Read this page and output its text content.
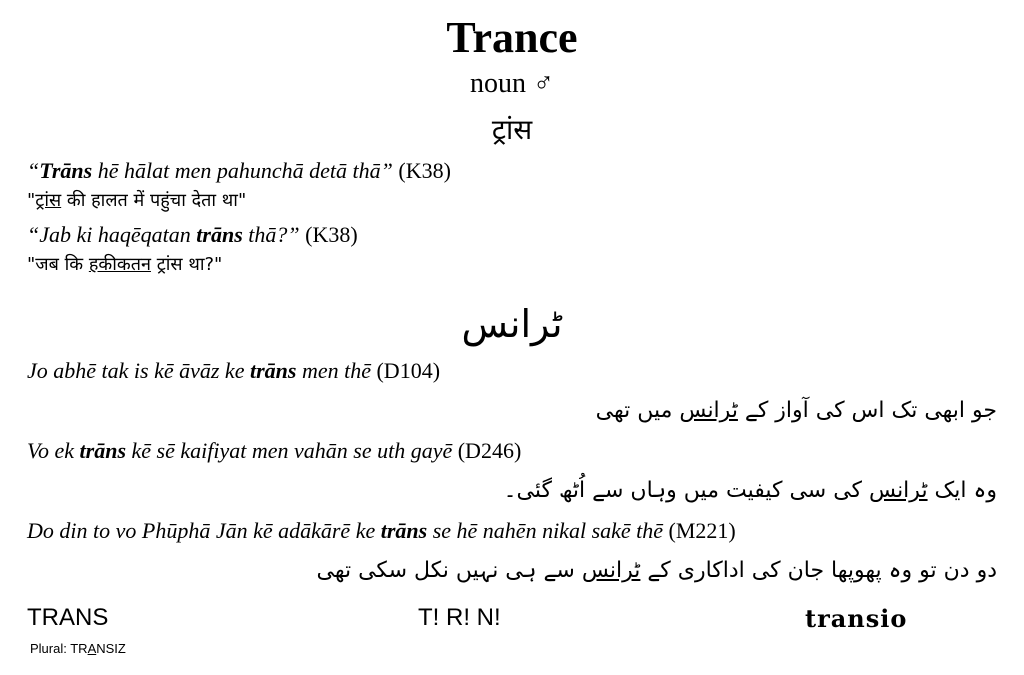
Trance
noun ♂
ट्रांस
“Trāns hē hālat men pahunchā detā thā” (K38)
"ट्रांस की हालत में पहुंचा देता था"
“Jab ki haqēqatan trāns thā?” (K38)
"जब कि हकीकतन ट्रांस था?"
ٹرانس
Jo abhē tak is kē āvāz ke trāns men thē (D104)
جو ابھی تک اس کی آواز کے ٹرانس میں تھی
Vo ek trāns kē sē kaifiyat men vahān se uth gayē (D246)
وہ ایک ٹرانس کی سی کیفیت میں وہاں سے اُٹھ گئی۔
Do din to vo Phūphā Jān kē adākārē ke trāns se hē nahēn nikal sakē thē (M221)
دو دن تو وہ پھوپھا جان کی اداکاری کے ٹرانس سے ہی نہیں نکل سکی تھی
TRANS
Plural: TRANSIZ
T! R! N!	transio
